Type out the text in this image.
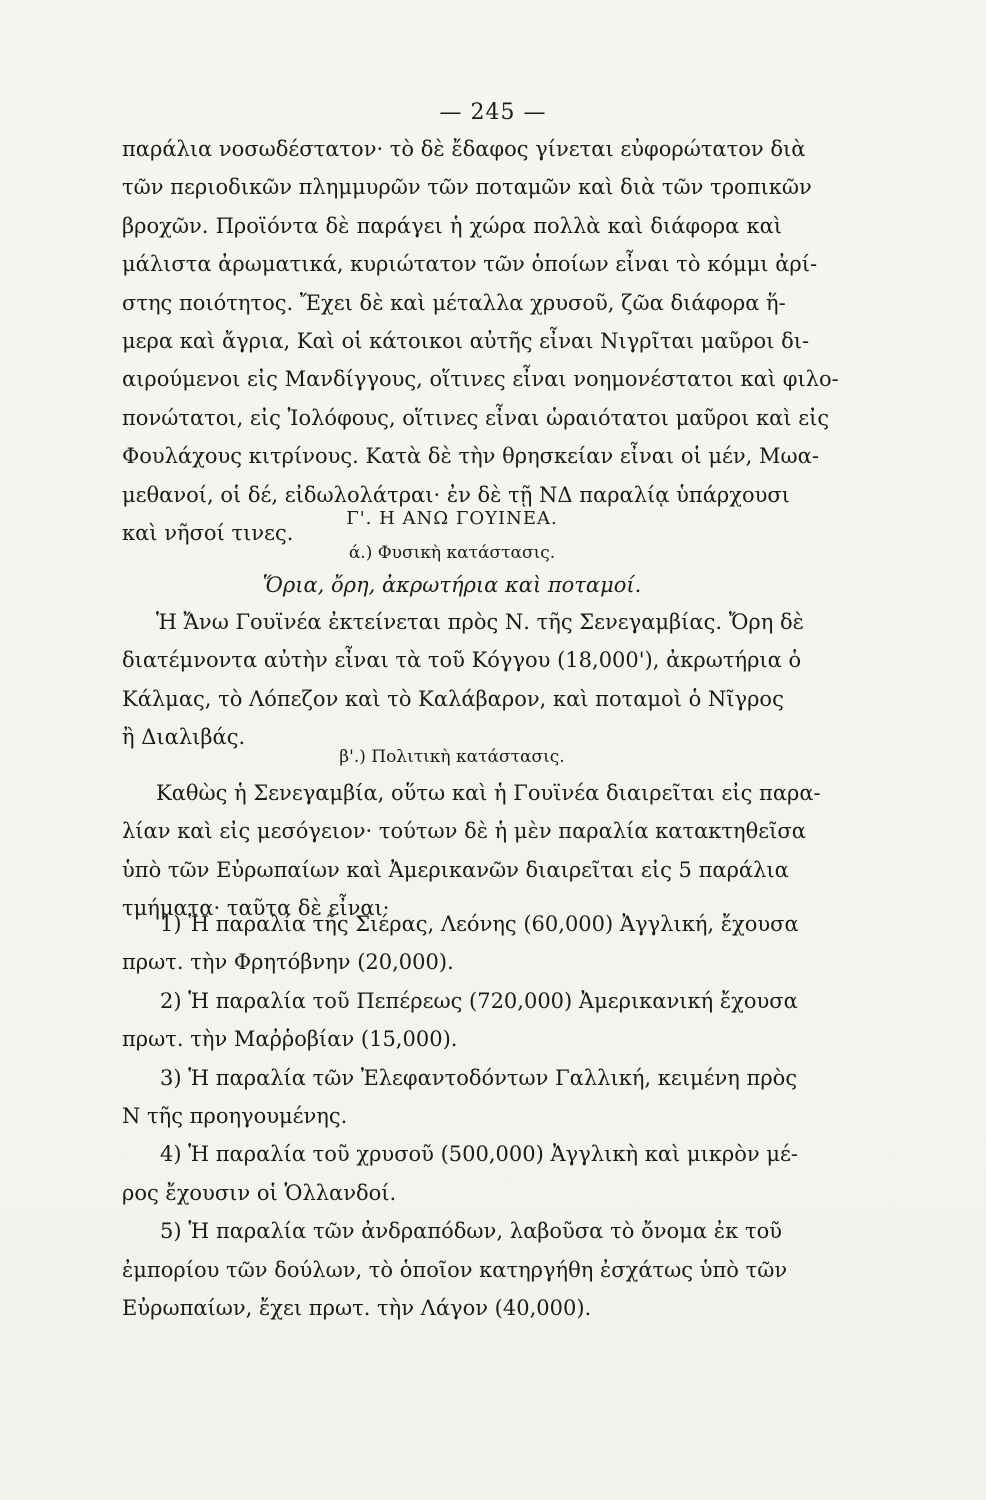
— 245 —
παράλια νοσωδέστατον· τὸ δὲ ἔδαφος γίνεται εὐφορώτατον διὰ
τῶν περιοδικῶν πλημμυρῶν τῶν ποταμῶν καὶ διὰ τῶν τροπικῶν
βροχῶν. Προϊόντα δὲ παράγει ἡ χώρα πολλὰ καὶ διάφορα καὶ
μάλιστα ἀρωματικά, κυριώτατον τῶν ὁποίων εἶναι τὸ κόμμι ἀρί-
στης ποιότητος. Ἔχει δὲ καὶ μέταλλα χρυσοῦ, ζῶα διάφορα ἥ-
μερα καὶ ἄγρια, Καὶ οἱ κάτοικοι αὐτῆς εἶναι Νιγρῖται μαῦροι δι-
αιρούμενοι εἰς Μανδίγγους, οἵτινες εἶναι νοημονέστατοι καὶ φιλο-
πονώτατοι, εἰς Ἰολόφους, οἵτινες εἶναι ὡραιότατοι μαῦροι καὶ εἰς
Φουλάχους κιτρίνους. Κατὰ δὲ τὴν θρησκείαν εἶναι οἱ μέν, Μωα-
μεθανοί, οἱ δέ, εἰδωλολάτραι· ἐν δὲ τῇ ΝΔ παραλίᾳ ὑπάρχουσι
καὶ νῆσοί τινες.
Γ'. Η ΑΝΩ ΓΟΥΙΝΕΑ.
ά.) Φυσικὴ κατάστασις.
Ὅρια, ὄρη, ἀκρωτήρια καὶ ποταμοί.
Ἡ Ἄνω Γουϊνέα ἐκτείνεται πρὸς Ν. τῆς Σενεγαμβίας. Ὄρη δὲ
διατέμνοντα αὐτὴν εἶναι τὰ τοῦ Κόγγου (18,000'), ἀκρωτήρια ὁ
Κάλμας, τὸ Λόπεζον καὶ τὸ Καλάβαρον, καὶ ποταμοὶ ὁ Νῖγρος
ἢ Διαλιβάς.
β'.) Πολιτικὴ κατάστασις.
Καθὼς ἡ Σενεγαμβία, οὕτω καὶ ἡ Γουϊνέα διαιρεῖται εἰς παρα-
λίαν καὶ εἰς μεσόγειον· τούτων δὲ ἡ μὲν παραλία κατακτηθεῖσα
ὑπὸ τῶν Εὐρωπαίων καὶ Ἀμερικανῶν διαιρεῖται εἰς 5 παράλια
τμήματα· ταῦτα δὲ εἶναι·
1) Ἡ παραλία τῆς Σιέρας, Λεόνης (60,000) Ἀγγλική, ἔχουσα
πρωτ. τὴν Φρητόβνην (20,000).
2) Ἡ παραλία τοῦ Πεπέρεως (720,000) Ἀμερικανική ἔχουσα
πρωτ. τὴν Μαῤῥοβίαν (15,000).
3) Ἡ παραλία τῶν Ἐλεφαντοδόντων Γαλλική, κειμένη πρὸς
Ν τῆς προηγουμένης.
4) Ἡ παραλία τοῦ χρυσοῦ (500,000) Ἀγγλικὴ καὶ μικρὸν μέ-
ρος ἔχουσιν οἱ Ὁλλανδοί.
5) Ἡ παραλία τῶν ἀνδραπόδων, λαβοῦσα τὸ ὄνομα ἐκ τοῦ
ἐμπορίου τῶν δούλων, τὸ ὁποῖον κατηργήθη ἐσχάτως ὑπὸ τῶν
Εὐρωπαίων, ἔχει πρωτ. τὴν Λάγον (40,000).
